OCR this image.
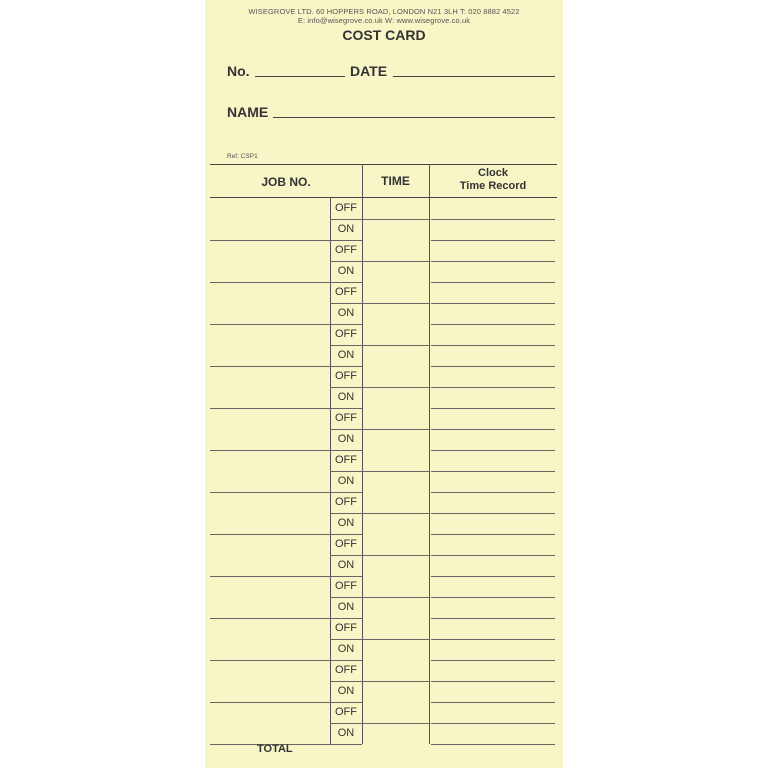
WISEGROVE LTD. 60 HOPPERS ROAD, LONDON N21 3LH T: 020 8882 4522
E: info@wisegrove.co.uk W: www.wisegrove.co.uk
COST CARD
No.	DATE
NAME
Ref: CSP1
JOB NO.	TIME
Clock
Time Record
OFF
ON
OFF
ON
OFF
ON
OFF
ON
OFF
ON
OFF
ON
OFF
ON
OFF
ON
OFF
ON
OFF
ON
OFF
ON
OFF
ON
OFF
ON
TOTAL
